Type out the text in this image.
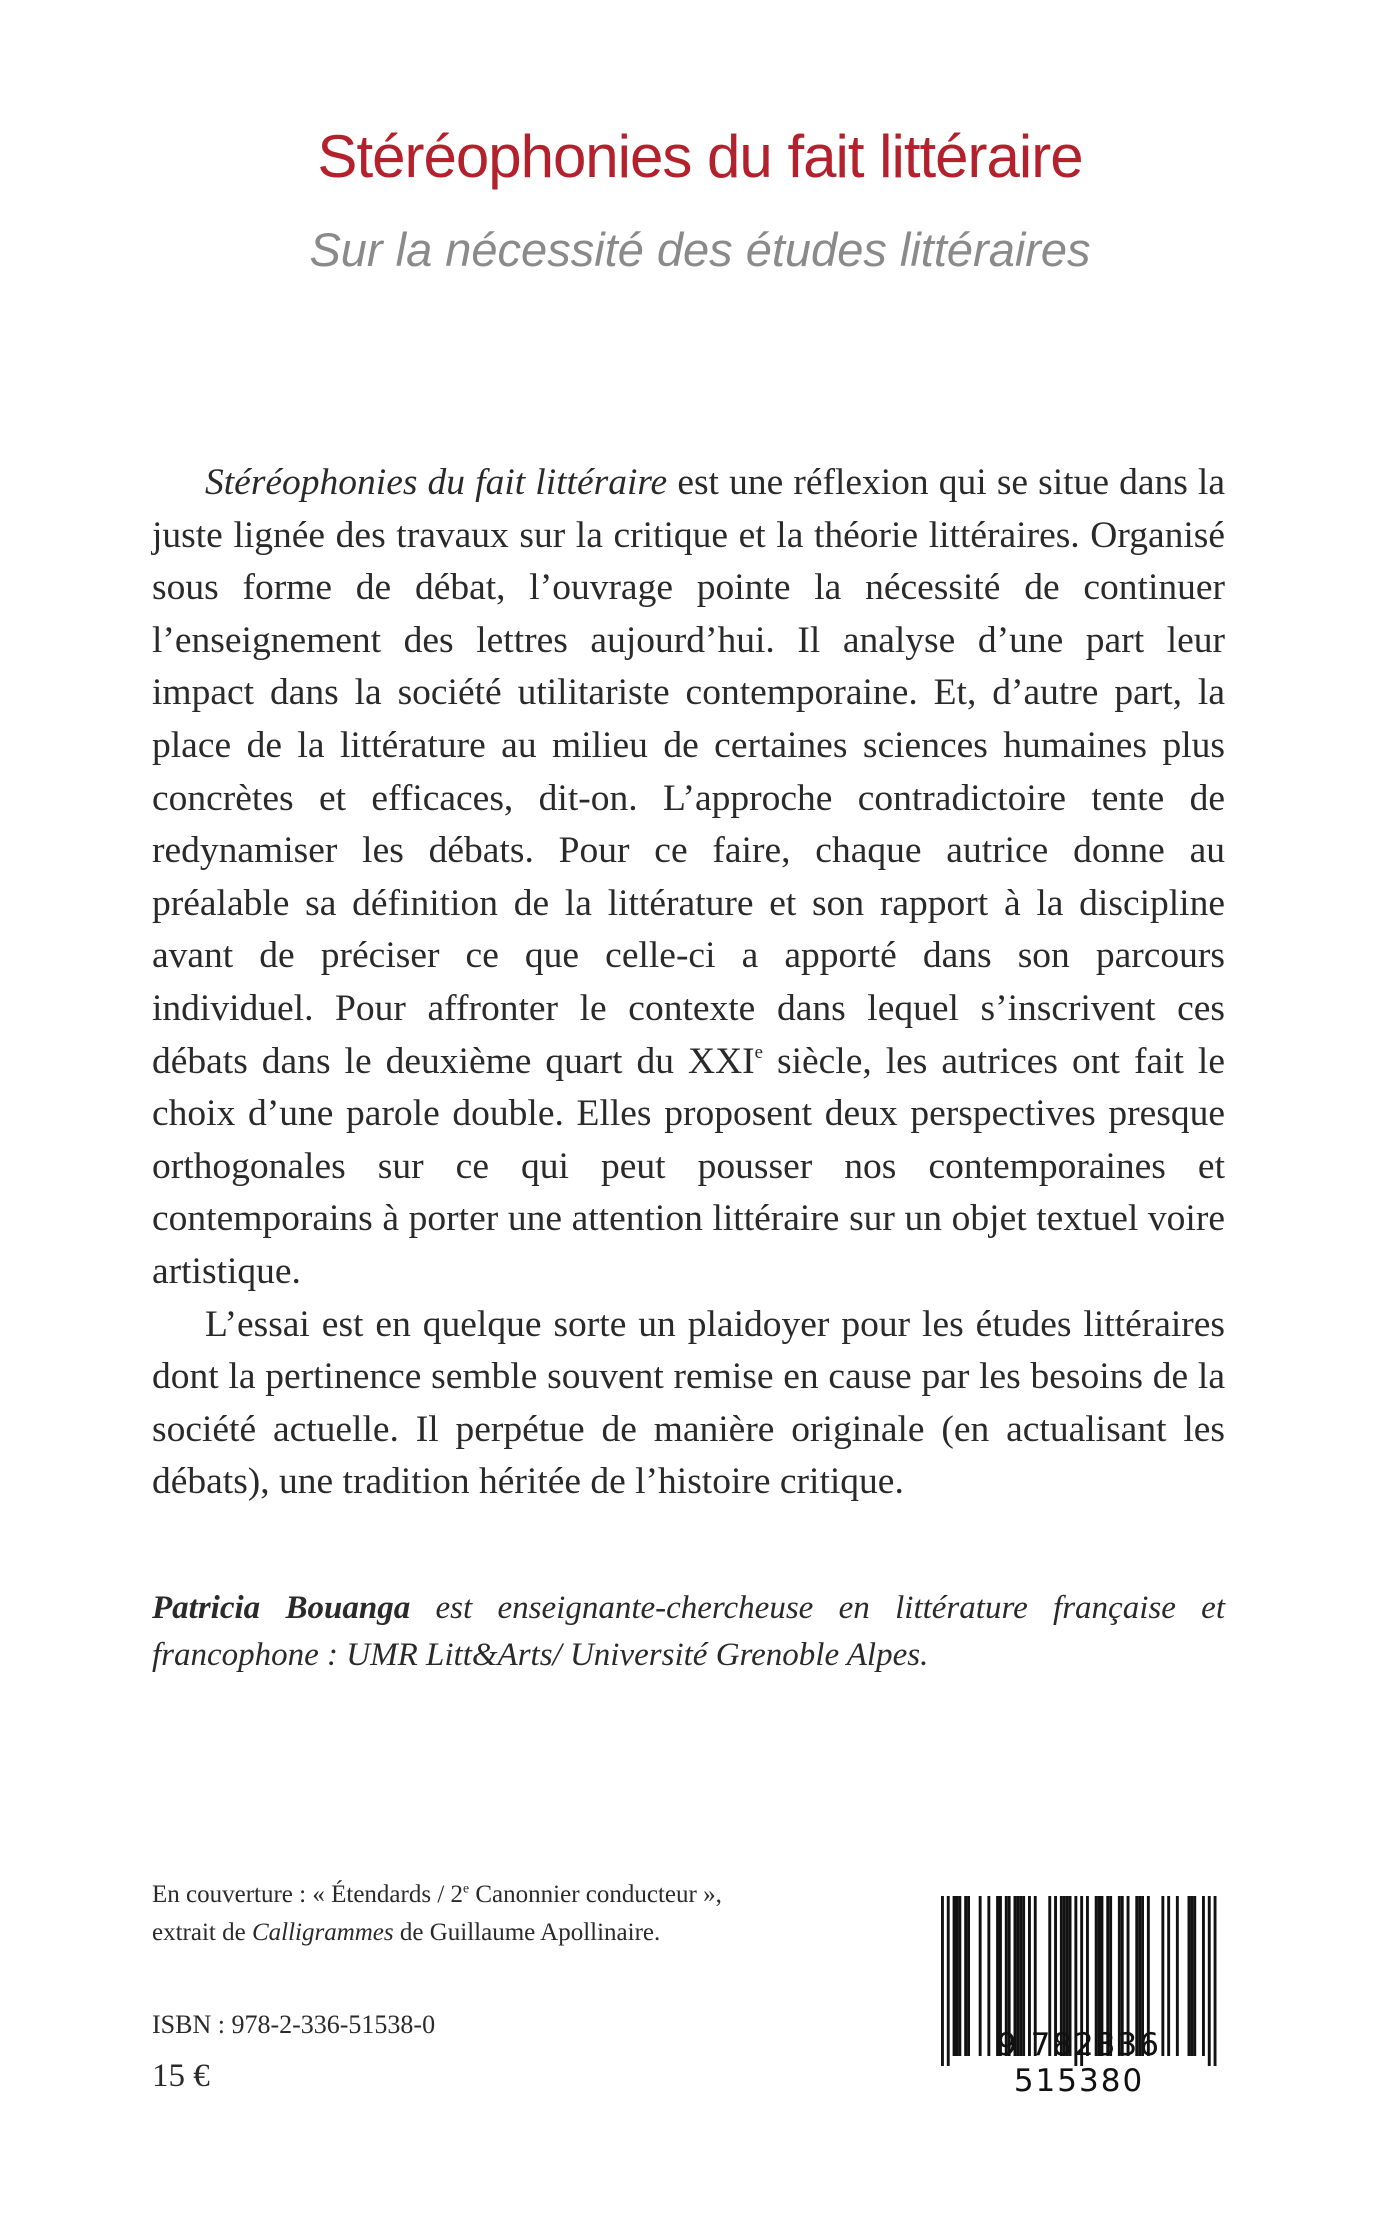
Stéréophonies du fait littéraire
Sur la nécessité des études littéraires

Stéréophonies du fait littéraire est une réflexion qui se situe dans la juste lignée des travaux sur la critique et la théorie littéraires. Organisé sous forme de débat, l’ouvrage pointe la nécessité de continuer l’enseignement des lettres aujourd’hui. Il analyse d’une part leur impact dans la société utilitariste contemporaine. Et, d’autre part, la place de la littérature au milieu de certaines sciences humaines plus concrètes et efficaces, dit-on. L’approche contradictoire tente de redynamiser les débats. Pour ce faire, chaque autrice donne au préalable sa définition de la littérature et son rapport à la discipline avant de préciser ce que celle-ci a apporté dans son parcours individuel. Pour affronter le contexte dans lequel s’inscrivent ces débats dans le deuxième quart du XXIe siècle, les autrices ont fait le choix d’une parole double. Elles proposent deux perspectives presque orthogonales sur ce qui peut pousser nos contemporaines et contemporains à porter une attention littéraire sur un objet textuel voire artistique.

L’essai est en quelque sorte un plaidoyer pour les études littéraires dont la pertinence semble souvent remise en cause par les besoins de la société actuelle. Il perpétue de manière originale (en actualisant les débats), une tradition héritée de l’histoire critique.

Patricia Bouanga est enseignante-chercheuse en littérature française et francophone : UMR Litt&Arts/ Université Grenoble Alpes.

En couverture : « Étendards / 2e Canonnier conducteur »,
extrait de Calligrammes de Guillaume Apollinaire.
ISBN : 978-2-336-51538-0
15 €
9 782336 515380
